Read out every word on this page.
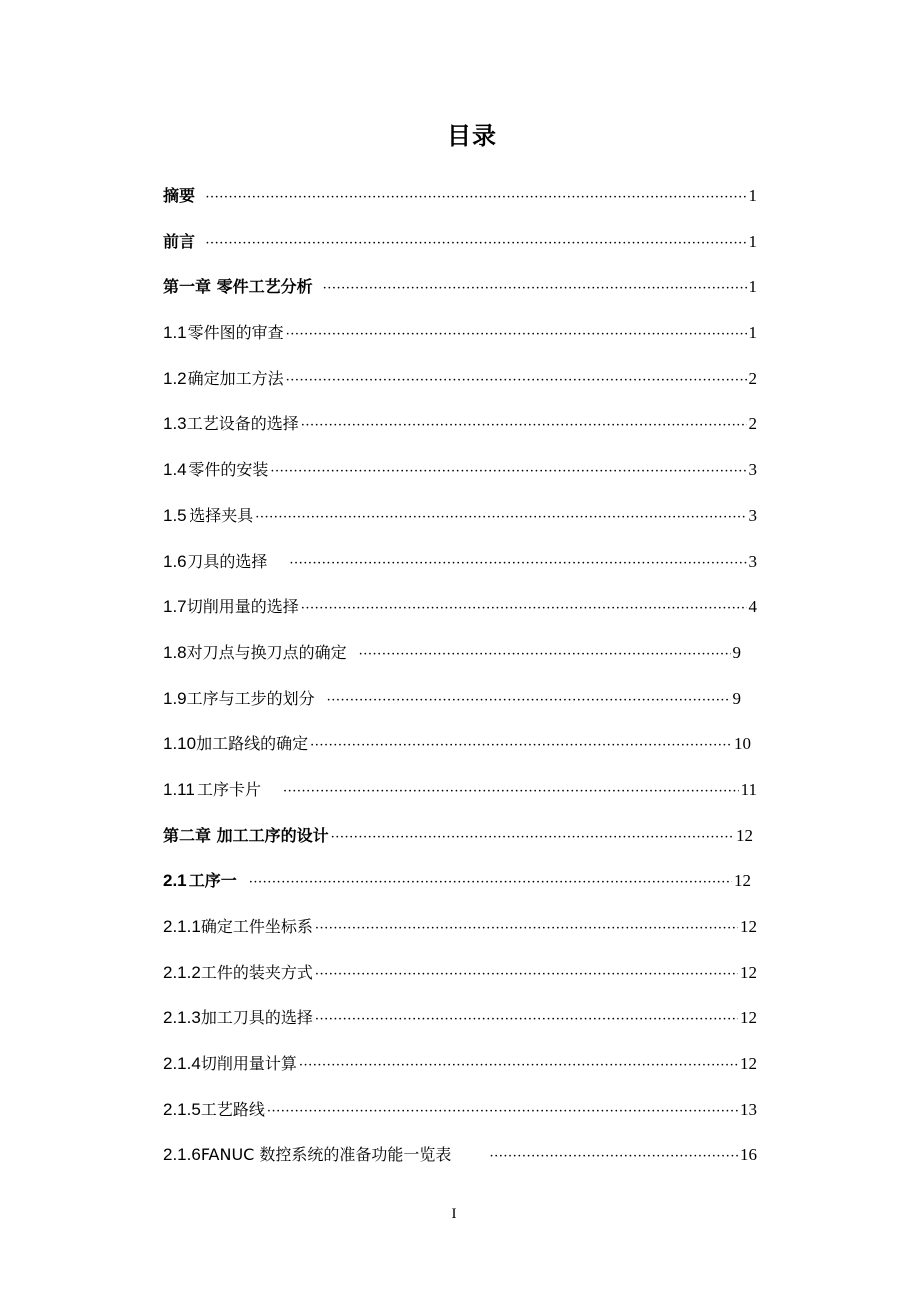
目录
摘要 ·····	1
前言 ·····	1
第一章 零件工艺分析 ·····	1
1.1 零件图的审查 ·····	1
1.2 确定加工方法 ·····	2
1.3 工艺设备的选择 ·····	2
1.4 零件的安装 ·····	3
1.5 选择夹具 ·····	3
1.6 刀具的选择 ·····	3
1.7 切削用量的选择 ·····	4
1.8 对刀点与换刀点的确定 ·····	9
1.9 工序与工步的划分 ·····	9
1.10 加工路线的确定 ·····	10
1.11 工序卡片 ·····	11
第二章 加工工序的设计 ·····	12
2.1 工序一 ·····	12
2.1.1 确定工件坐标系 ·····	12
2.1.2 工件的装夹方式 ·····	12
2.1.3 加工刀具的选择 ·····	12
2.1.4 切削用量计算 ·····	12
2.1.5 工艺路线 ·····	13
2.1.6 FANUC 数控系统的准备功能一览表 ·····	16
I
